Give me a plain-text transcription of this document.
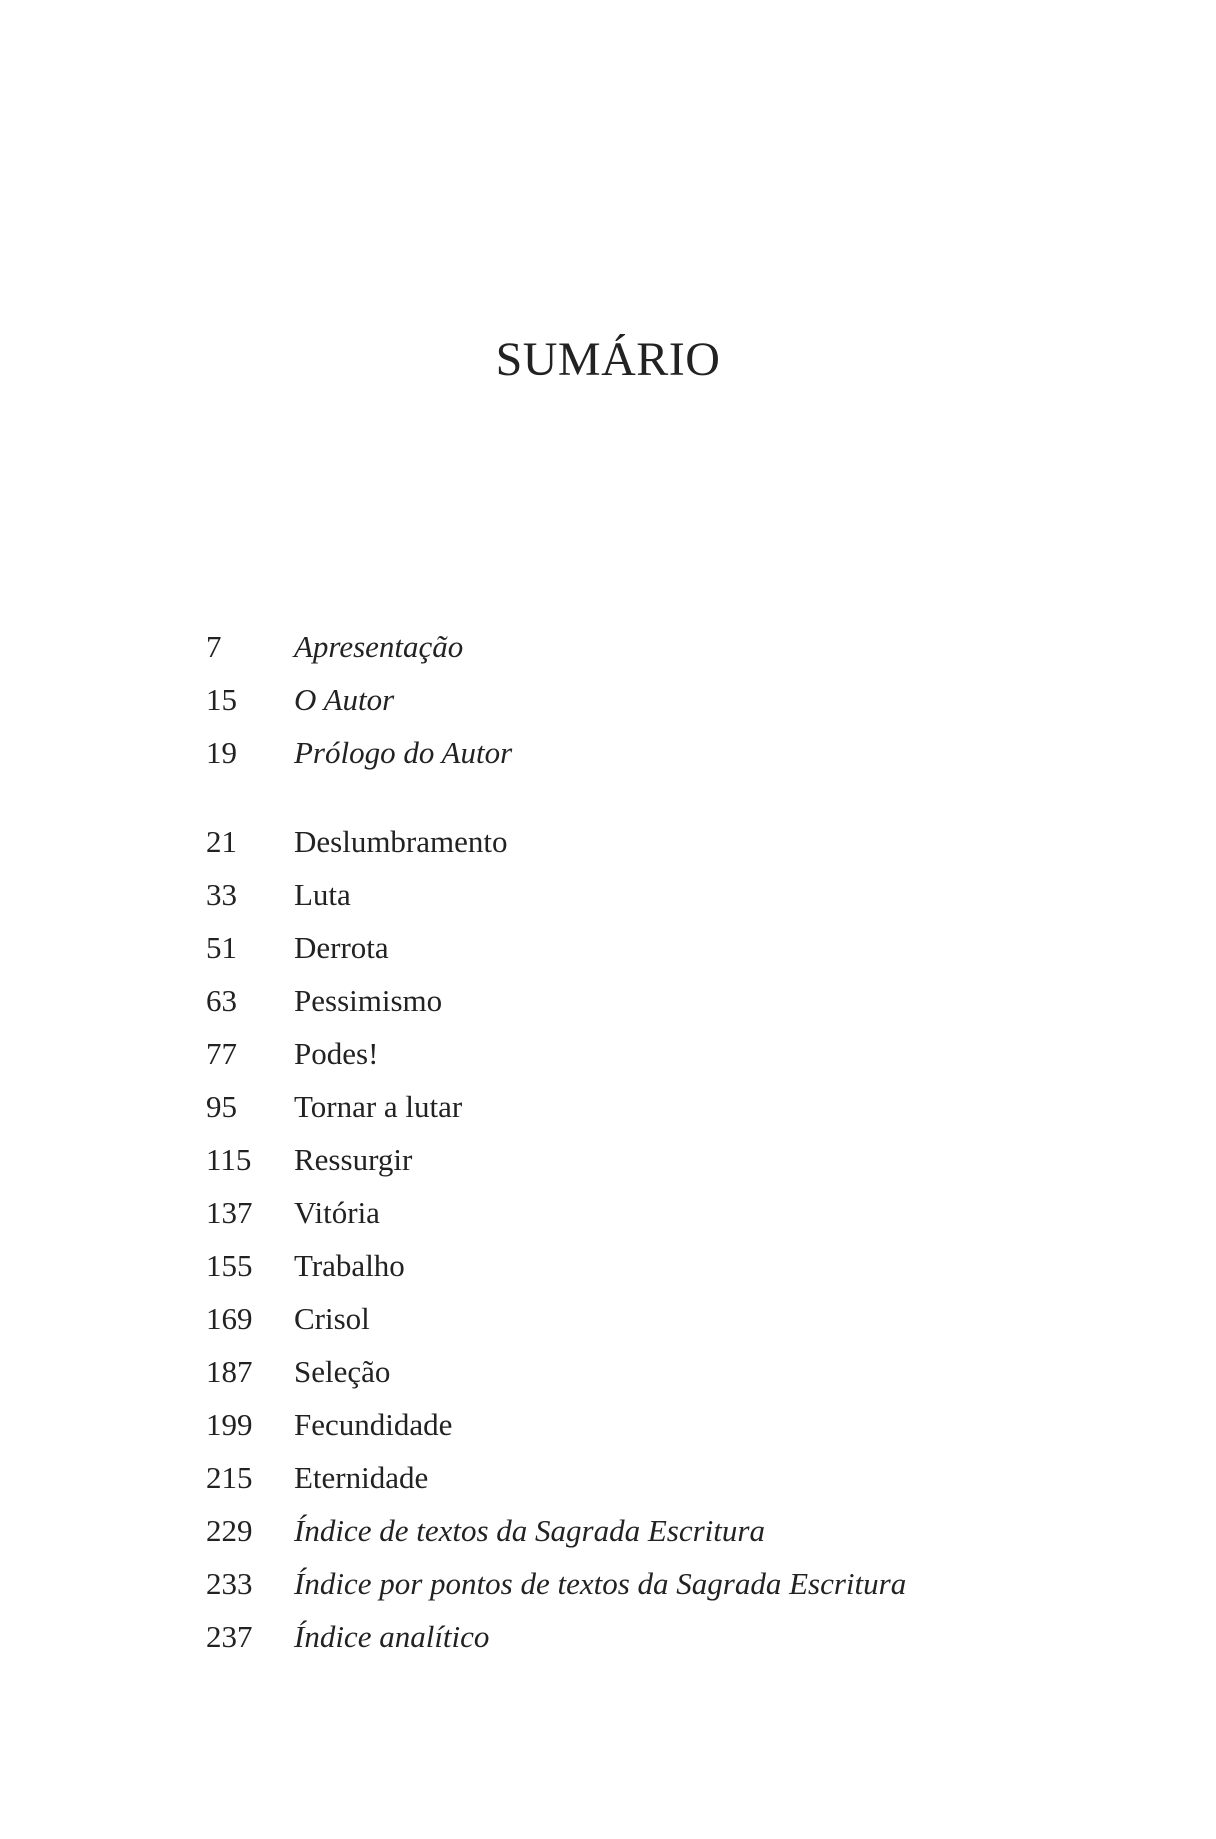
SUMÁRIO
7	Apresentação
15	O Autor
19	Prólogo do Autor
21	Deslumbramento
33	Luta
51	Derrota
63	Pessimismo
77	Podes!
95	Tornar a lutar
115	Ressurgir
137	Vitória
155	Trabalho
169	Crisol
187	Seleção
199	Fecundidade
215	Eternidade
229	Índice de textos da Sagrada Escritura
233	Índice por pontos de textos da Sagrada Escritura
237	Índice analítico
